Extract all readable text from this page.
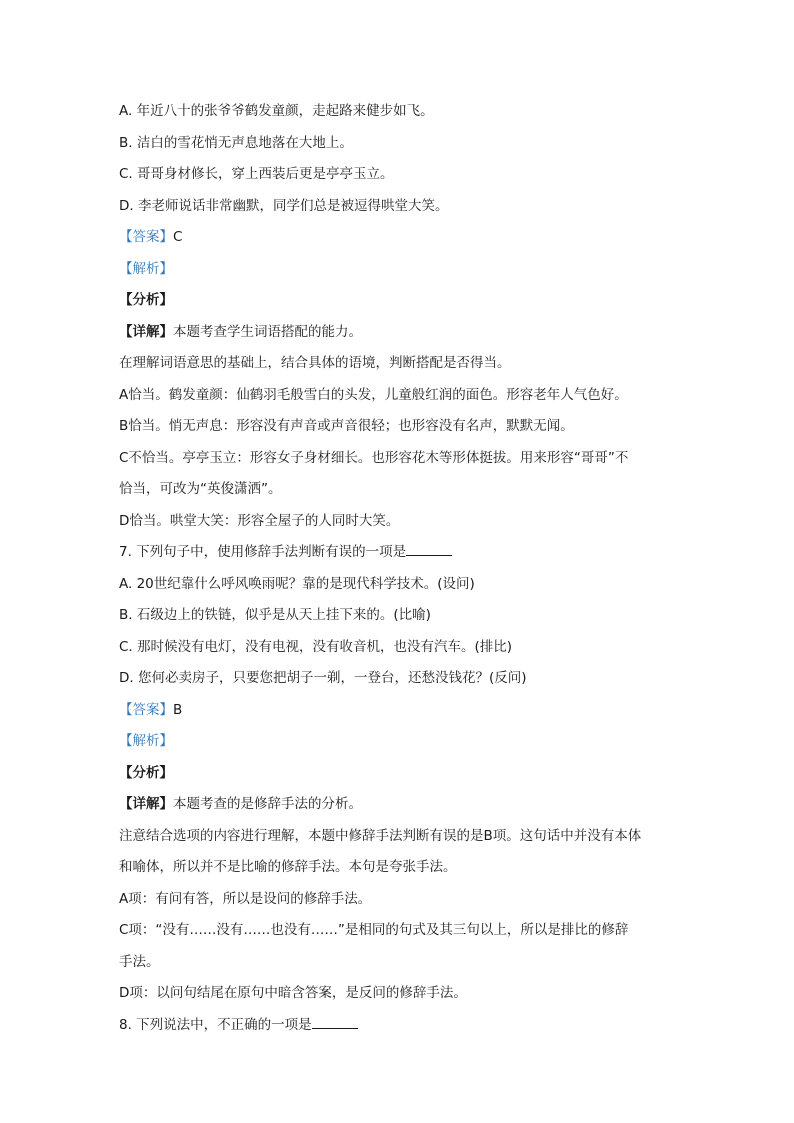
A. 年近八十的张爷爷鹤发童颜，走起路来健步如飞。
B. 洁白的雪花悄无声息地落在大地上。
C. 哥哥身材修长，穿上西装后更是亭亭玉立。
D. 李老师说话非常幽默，同学们总是被逗得哄堂大笑。
【答案】C
【解析】
【分析】
【详解】本题考查学生词语搭配的能力。
在理解词语意思的基础上，结合具体的语境，判断搭配是否得当。
A恰当。鹤发童颜：仙鹤羽毛般雪白的头发，儿童般红润的面色。形容老年人气色好。
B恰当。悄无声息：形容没有声音或声音很轻；也形容没有名声，默默无闻。
C不恰当。亭亭玉立：形容女子身材细长。也形容花木等形体挺拔。用来形容“哥哥”不
恰当，可改为“英俊潇洒”。
D恰当。哄堂大笑：形容全屋子的人同时大笑。
7. 下列句子中，使用修辞手法判断有误的一项是
A. 20世纪靠什么呼风唤雨呢？靠的是现代科学技术。(设问)
B. 石级边上的铁链，似乎是从天上挂下来的。(比喻)
C. 那时候没有电灯，没有电视，没有收音机，也没有汽车。(排比)
D. 您何必卖房子，只要您把胡子一剃，一登台，还愁没钱花？(反问)
【答案】B
【解析】
【分析】
【详解】本题考查的是修辞手法的分析。
注意结合选项的内容进行理解，本题中修辞手法判断有误的是B项。这句话中并没有本体
和喻体，所以并不是比喻的修辞手法。本句是夸张手法。
A项：有问有答，所以是设问的修辞手法。
C项：“没有……没有……也没有……”是相同的句式及其三句以上，所以是排比的修辞
手法。
D项：以问句结尾在原句中暗含答案，是反问的修辞手法。
8. 下列说法中，不正确的一项是
